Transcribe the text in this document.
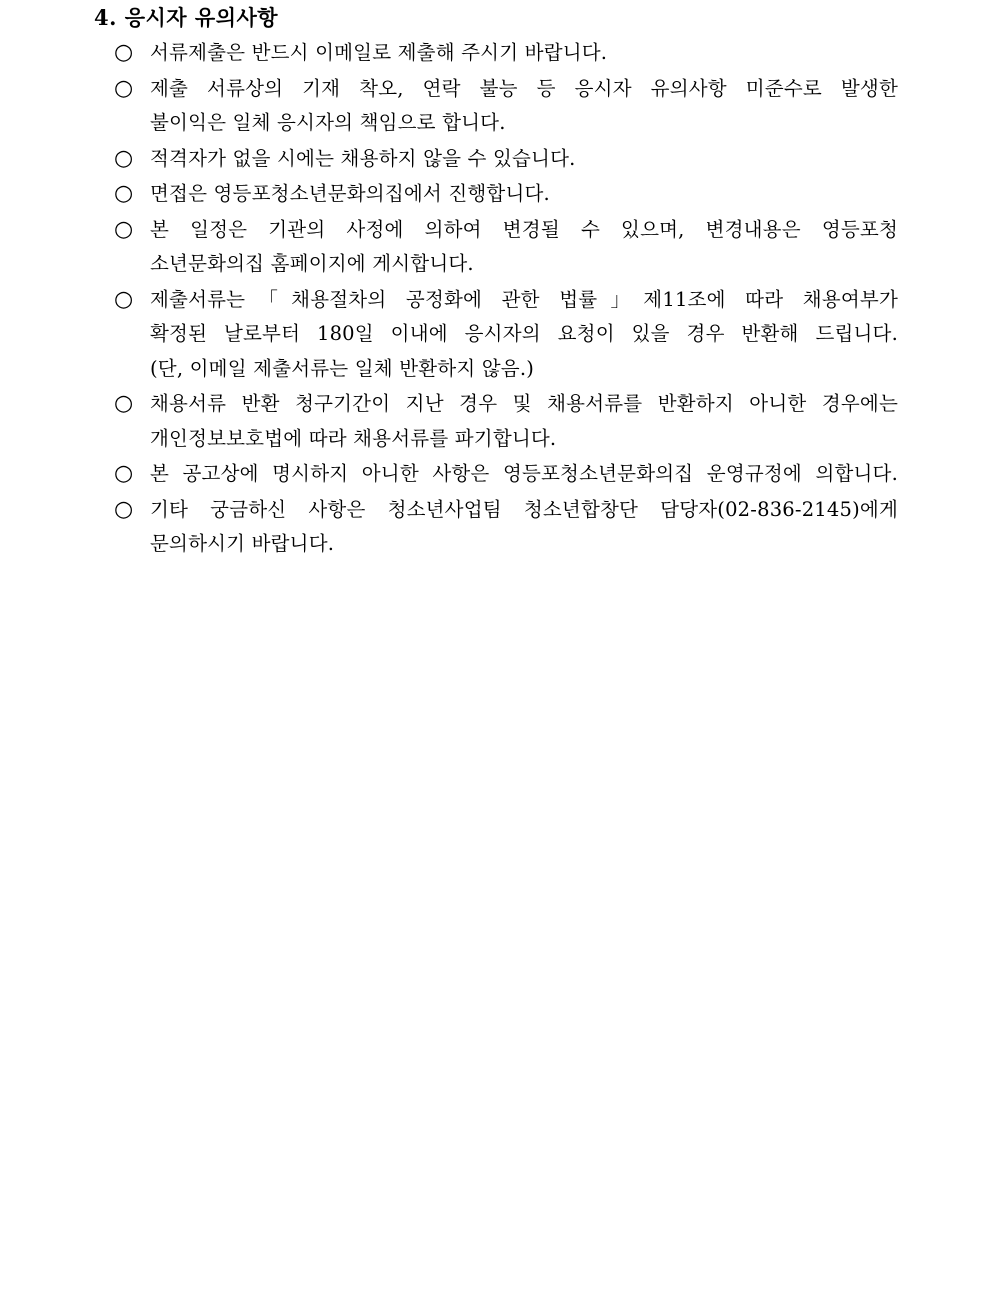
4. 응시자 유의사항
○ 서류제출은 반드시 이메일로 제출해 주시기 바랍니다.
○ 제출 서류상의 기재 착오, 연락 불능 등 응시자 유의사항 미준수로 발생한
불이익은 일체 응시자의 책임으로 합니다.
○ 적격자가 없을 시에는 채용하지 않을 수 있습니다.
○ 면접은 영등포청소년문화의집에서 진행합니다.
○ 본 일정은 기관의 사정에 의하여 변경될 수 있으며, 변경내용은 영등포청
소년문화의집 홈페이지에 게시합니다.
○ 제출서류는「채용절차의 공정화에 관한 법률」제11조에 따라 채용여부가
확정된 날로부터 180일 이내에 응시자의 요청이 있을 경우 반환해 드립니다.
(단, 이메일 제출서류는 일체 반환하지 않음.)
○ 채용서류 반환 청구기간이 지난 경우 및 채용서류를 반환하지 아니한 경우에는
개인정보보호법에 따라 채용서류를 파기합니다.
○ 본 공고상에 명시하지 아니한 사항은 영등포청소년문화의집 운영규정에 의합니다.
○ 기타 궁금하신 사항은 청소년사업팀 청소년합창단 담당자(02-836-2145)에게
문의하시기 바랍니다.
